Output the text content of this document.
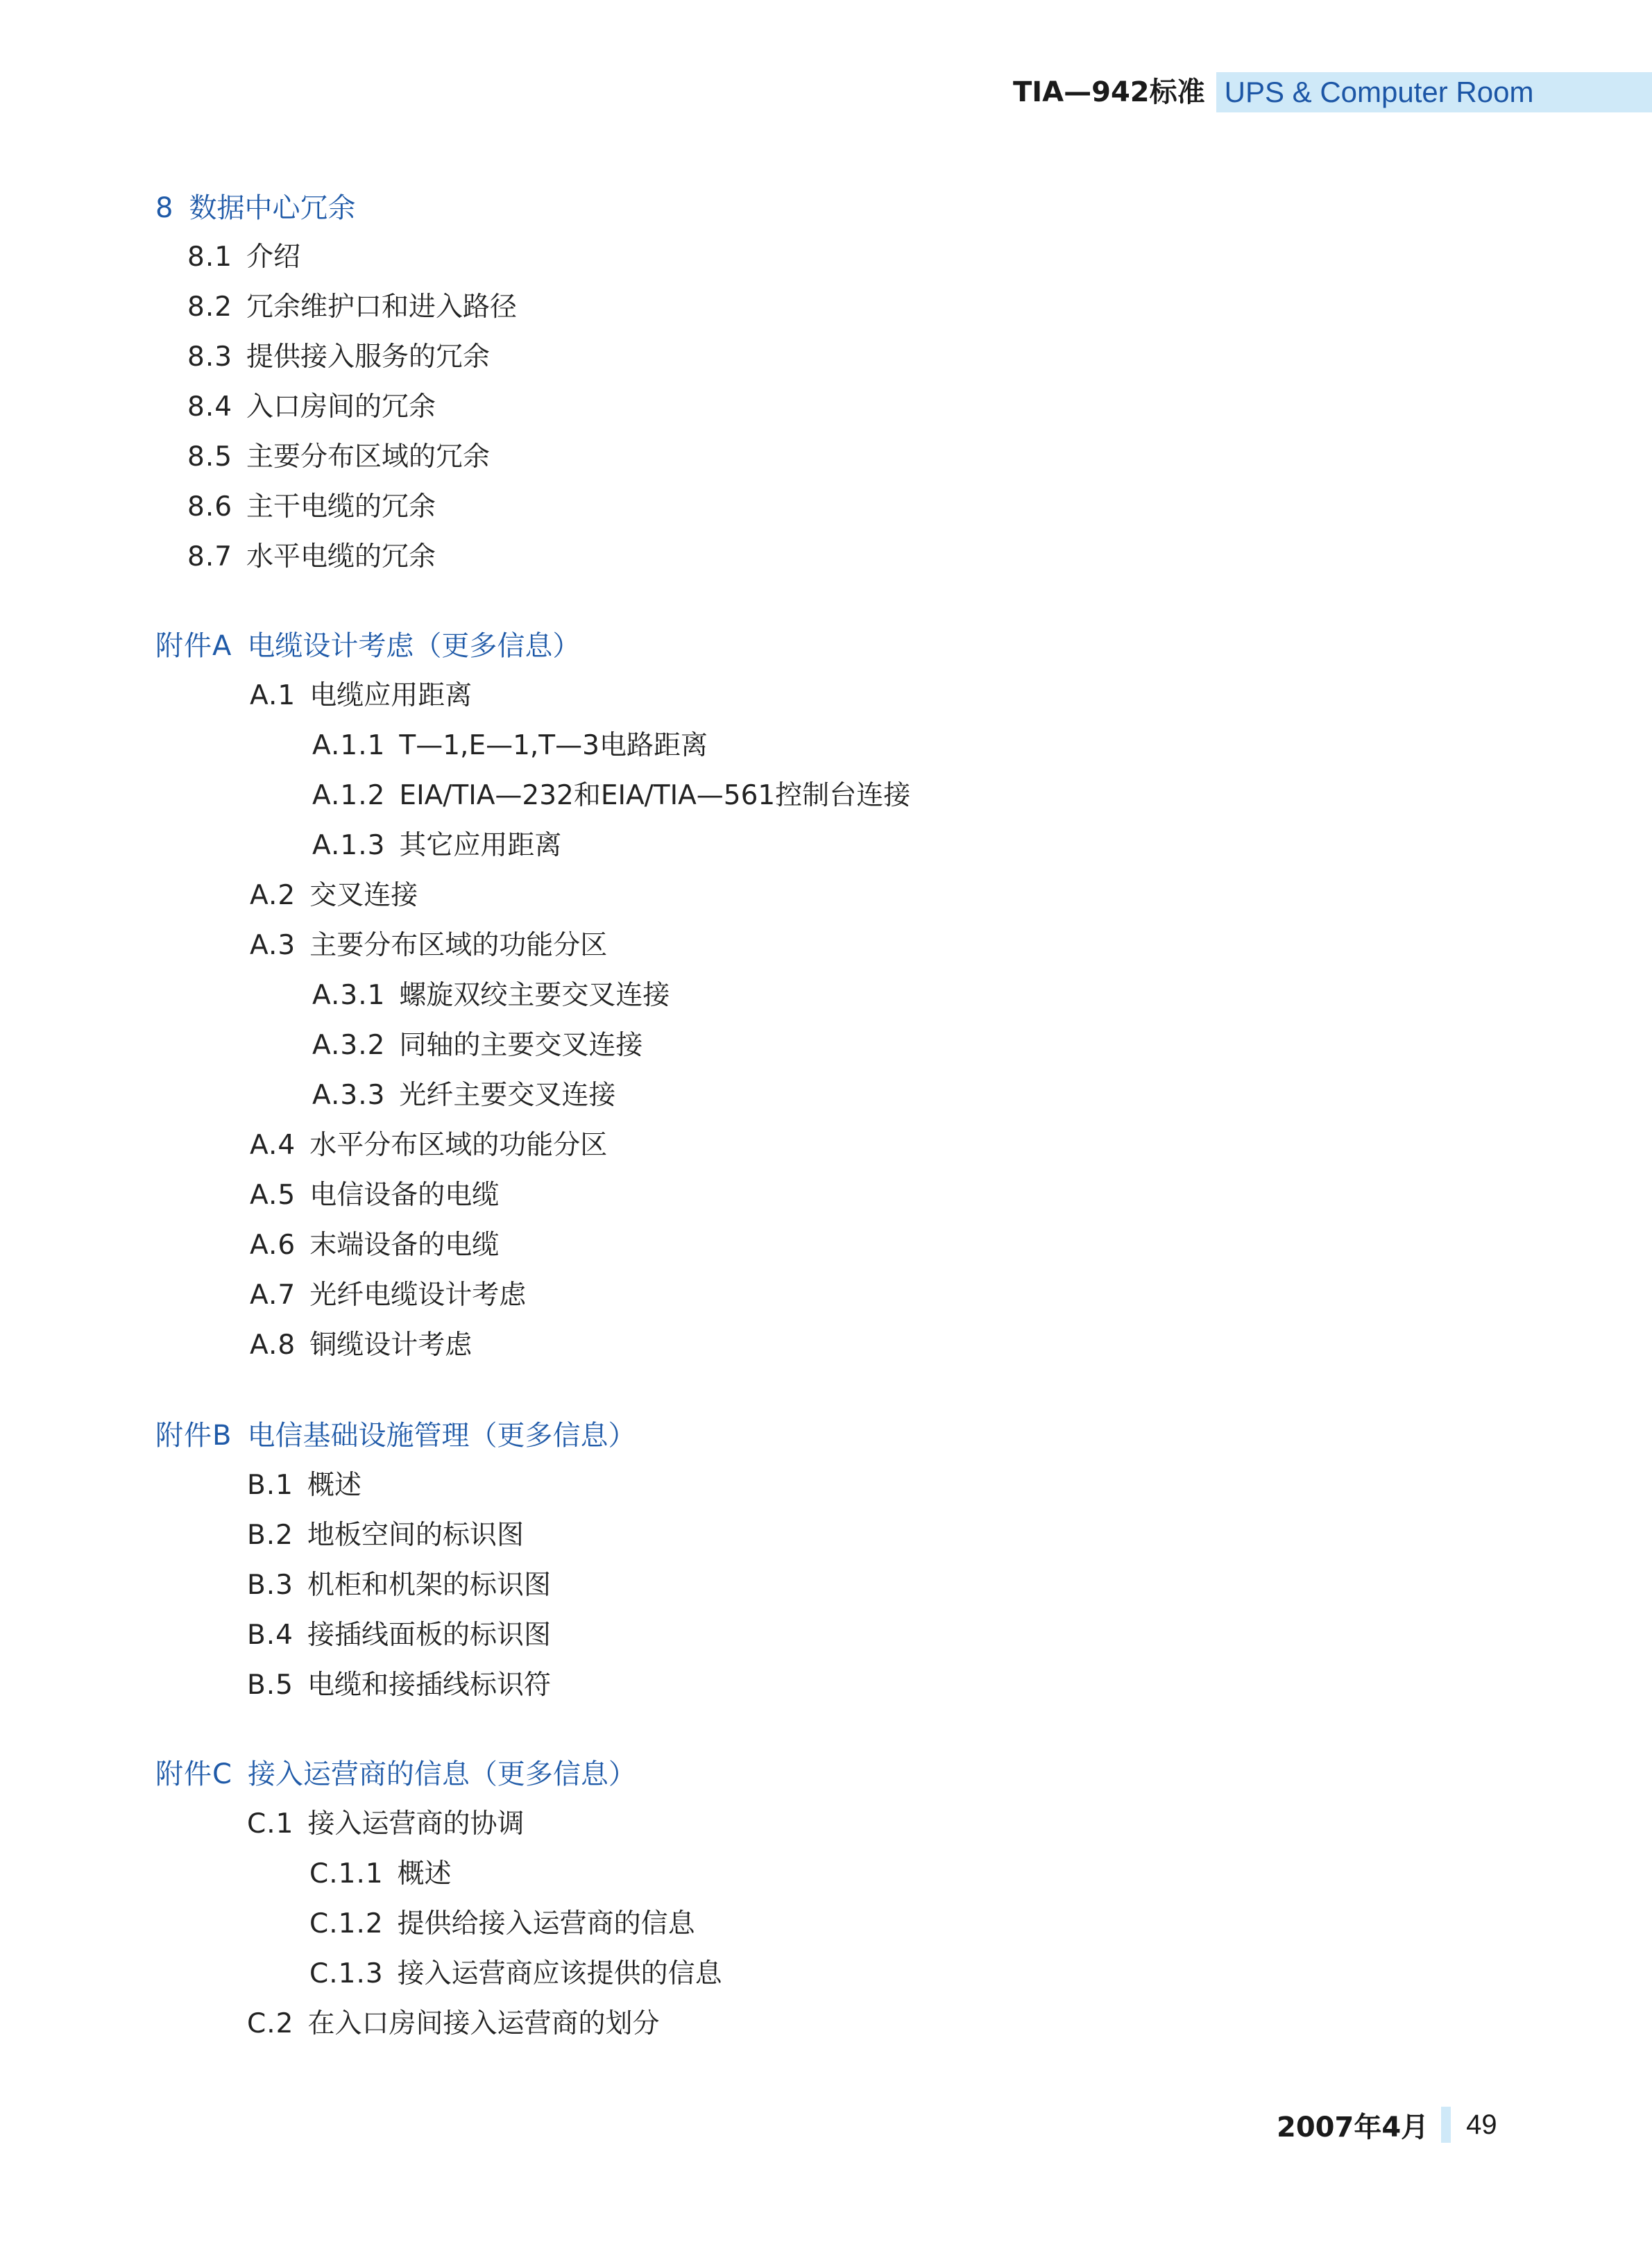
TIA—942标准 UPS & Computer Room
8 数据中心冗余
8.1 介绍
8.2 冗余维护口和进入路径
8.3 提供接入服务的冗余
8.4 入口房间的冗余
8.5 主要分布区域的冗余
8.6 主干电缆的冗余
8.7 水平电缆的冗余
附件A 电缆设计考虑（更多信息）
A.1 电缆应用距离
A.1.1 T—1,E—1,T—3电路距离
A.1.2 EIA/TIA—232和EIA/TIA—561控制台连接
A.1.3 其它应用距离
A.2 交叉连接
A.3 主要分布区域的功能分区
A.3.1 螺旋双绞主要交叉连接
A.3.2 同轴的主要交叉连接
A.3.3 光纤主要交叉连接
A.4 水平分布区域的功能分区
A.5 电信设备的电缆
A.6 末端设备的电缆
A.7 光纤电缆设计考虑
A.8 铜缆设计考虑
附件B 电信基础设施管理（更多信息）
B.1 概述
B.2 地板空间的标识图
B.3 机柜和机架的标识图
B.4 接插线面板的标识图
B.5 电缆和接插线标识符
附件C 接入运营商的信息（更多信息）
C.1 接入运营商的协调
C.1.1 概述
C.1.2 提供给接入运营商的信息
C.1.3 接入运营商应该提供的信息
C.2 在入口房间接入运营商的划分
2007年4月 49
